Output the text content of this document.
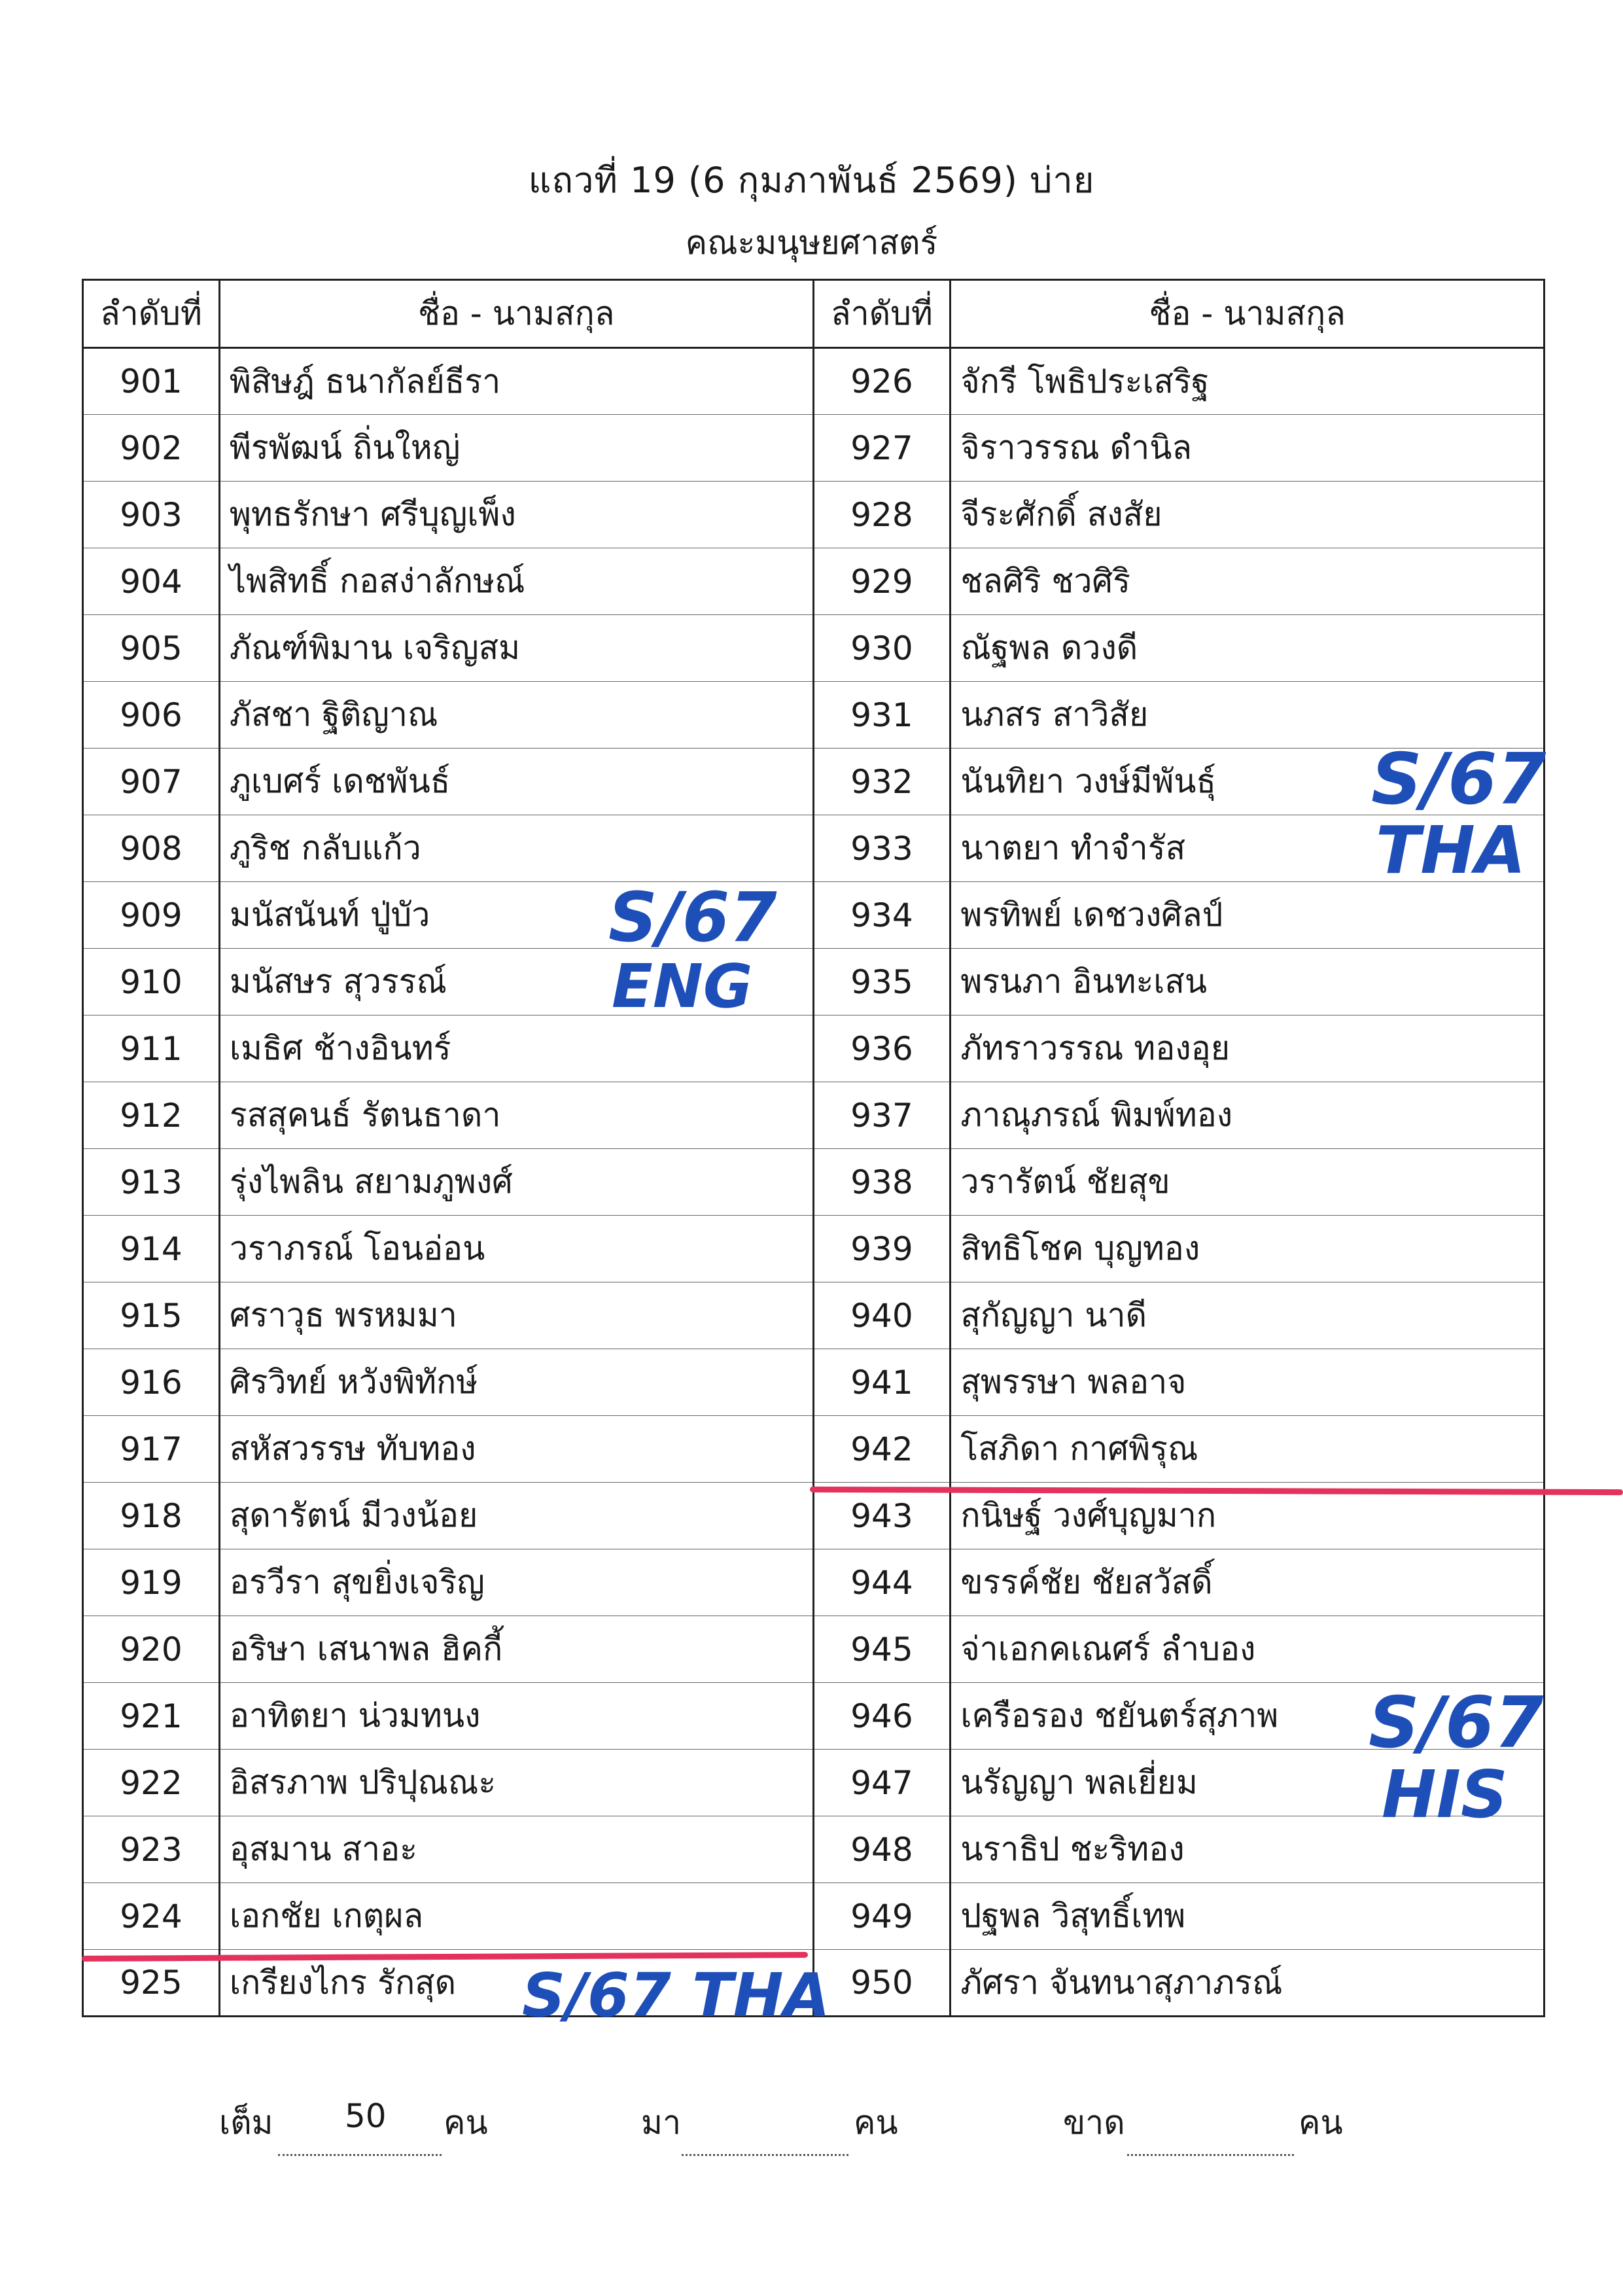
แถวที่ 19 (6 กุมภาพันธ์ 2569) บ่าย
คณะมนุษยศาสตร์
ลำดับที่	ชื่อ - นามสกุล	ลำดับที่	ชื่อ - นามสกุล
901	พิสิษฎ์ ธนากัลย์ธีรา	926	จักรี โพธิประเสริฐ
902	พีรพัฒน์ ถิ่นใหญ่	927	จิราวรรณ ดำนิล
903	พุทธรักษา ศรีบุญเพ็ง	928	จีระศักดิ์ สงสัย
904	ไพสิทธิ์ กอสง่าลักษณ์	929	ชลศิริ ชวศิริ
905	ภัณฑ์พิมาน เจริญสม	930	ณัฐพล ดวงดี
906	ภัสชา ฐิติญาณ	931	นภสร สาวิสัย
907	ภูเบศร์ เดชพันธ์	932	นันทิยา วงษ์มีพันธุ์
908	ภูริช กลับแก้ว	933	นาตยา ทำจำรัส
909	มนัสนันท์ ปู่บัว	934	พรทิพย์ เดชวงศิลป์
910	มนัสษร สุวรรณ์	935	พรนภา อินทะเสน
911	เมธิศ ช้างอินทร์	936	ภัทราวรรณ ทองอุย
912	รสสุคนธ์ รัตนธาดา	937	ภาณุภรณ์ พิมพ์ทอง
913	รุ่งไพลิน สยามภูพงศ์	938	วรารัตน์ ชัยสุข
914	วราภรณ์ โอนอ่อน	939	สิทธิโชค บุญทอง
915	ศราวุธ พรหมมา	940	สุกัญญา นาดี
916	ศิรวิทย์ หวังพิทักษ์	941	สุพรรษา พลอาจ
917	สหัสวรรษ ทับทอง	942	โสภิดา กาศพิรุณ
918	สุดารัตน์ มีวงน้อย	943	กนิษฐ์ วงศ์บุญมาก
919	อรวีรา สุขยิ่งเจริญ	944	ขรรค์ชัย ชัยสวัสดิ์
920	อริษา เสนาพล ฮิคกี้	945	จ่าเอกคเณศร์ ลำบอง
921	อาทิตยา น่วมทนง	946	เครือรอง ชยันตร์สุภาพ
922	อิสรภาพ ปริปุณณะ	947	นรัญญา พลเยี่ยม
923	อุสมาน สาอะ	948	นราธิป ชะริทอง
924	เอกชัย เกตุผล	949	ปฐพล วิสุทธิ์เทพ
925	เกรียงไกร รักสุด	950	ภัศรา จันทนาสุภาภรณ์
S/67
ENG
S/67
THA
S/67
HIS
S/67 THA
เต็ม 50 คน	มา	คน	ขาด	คน
